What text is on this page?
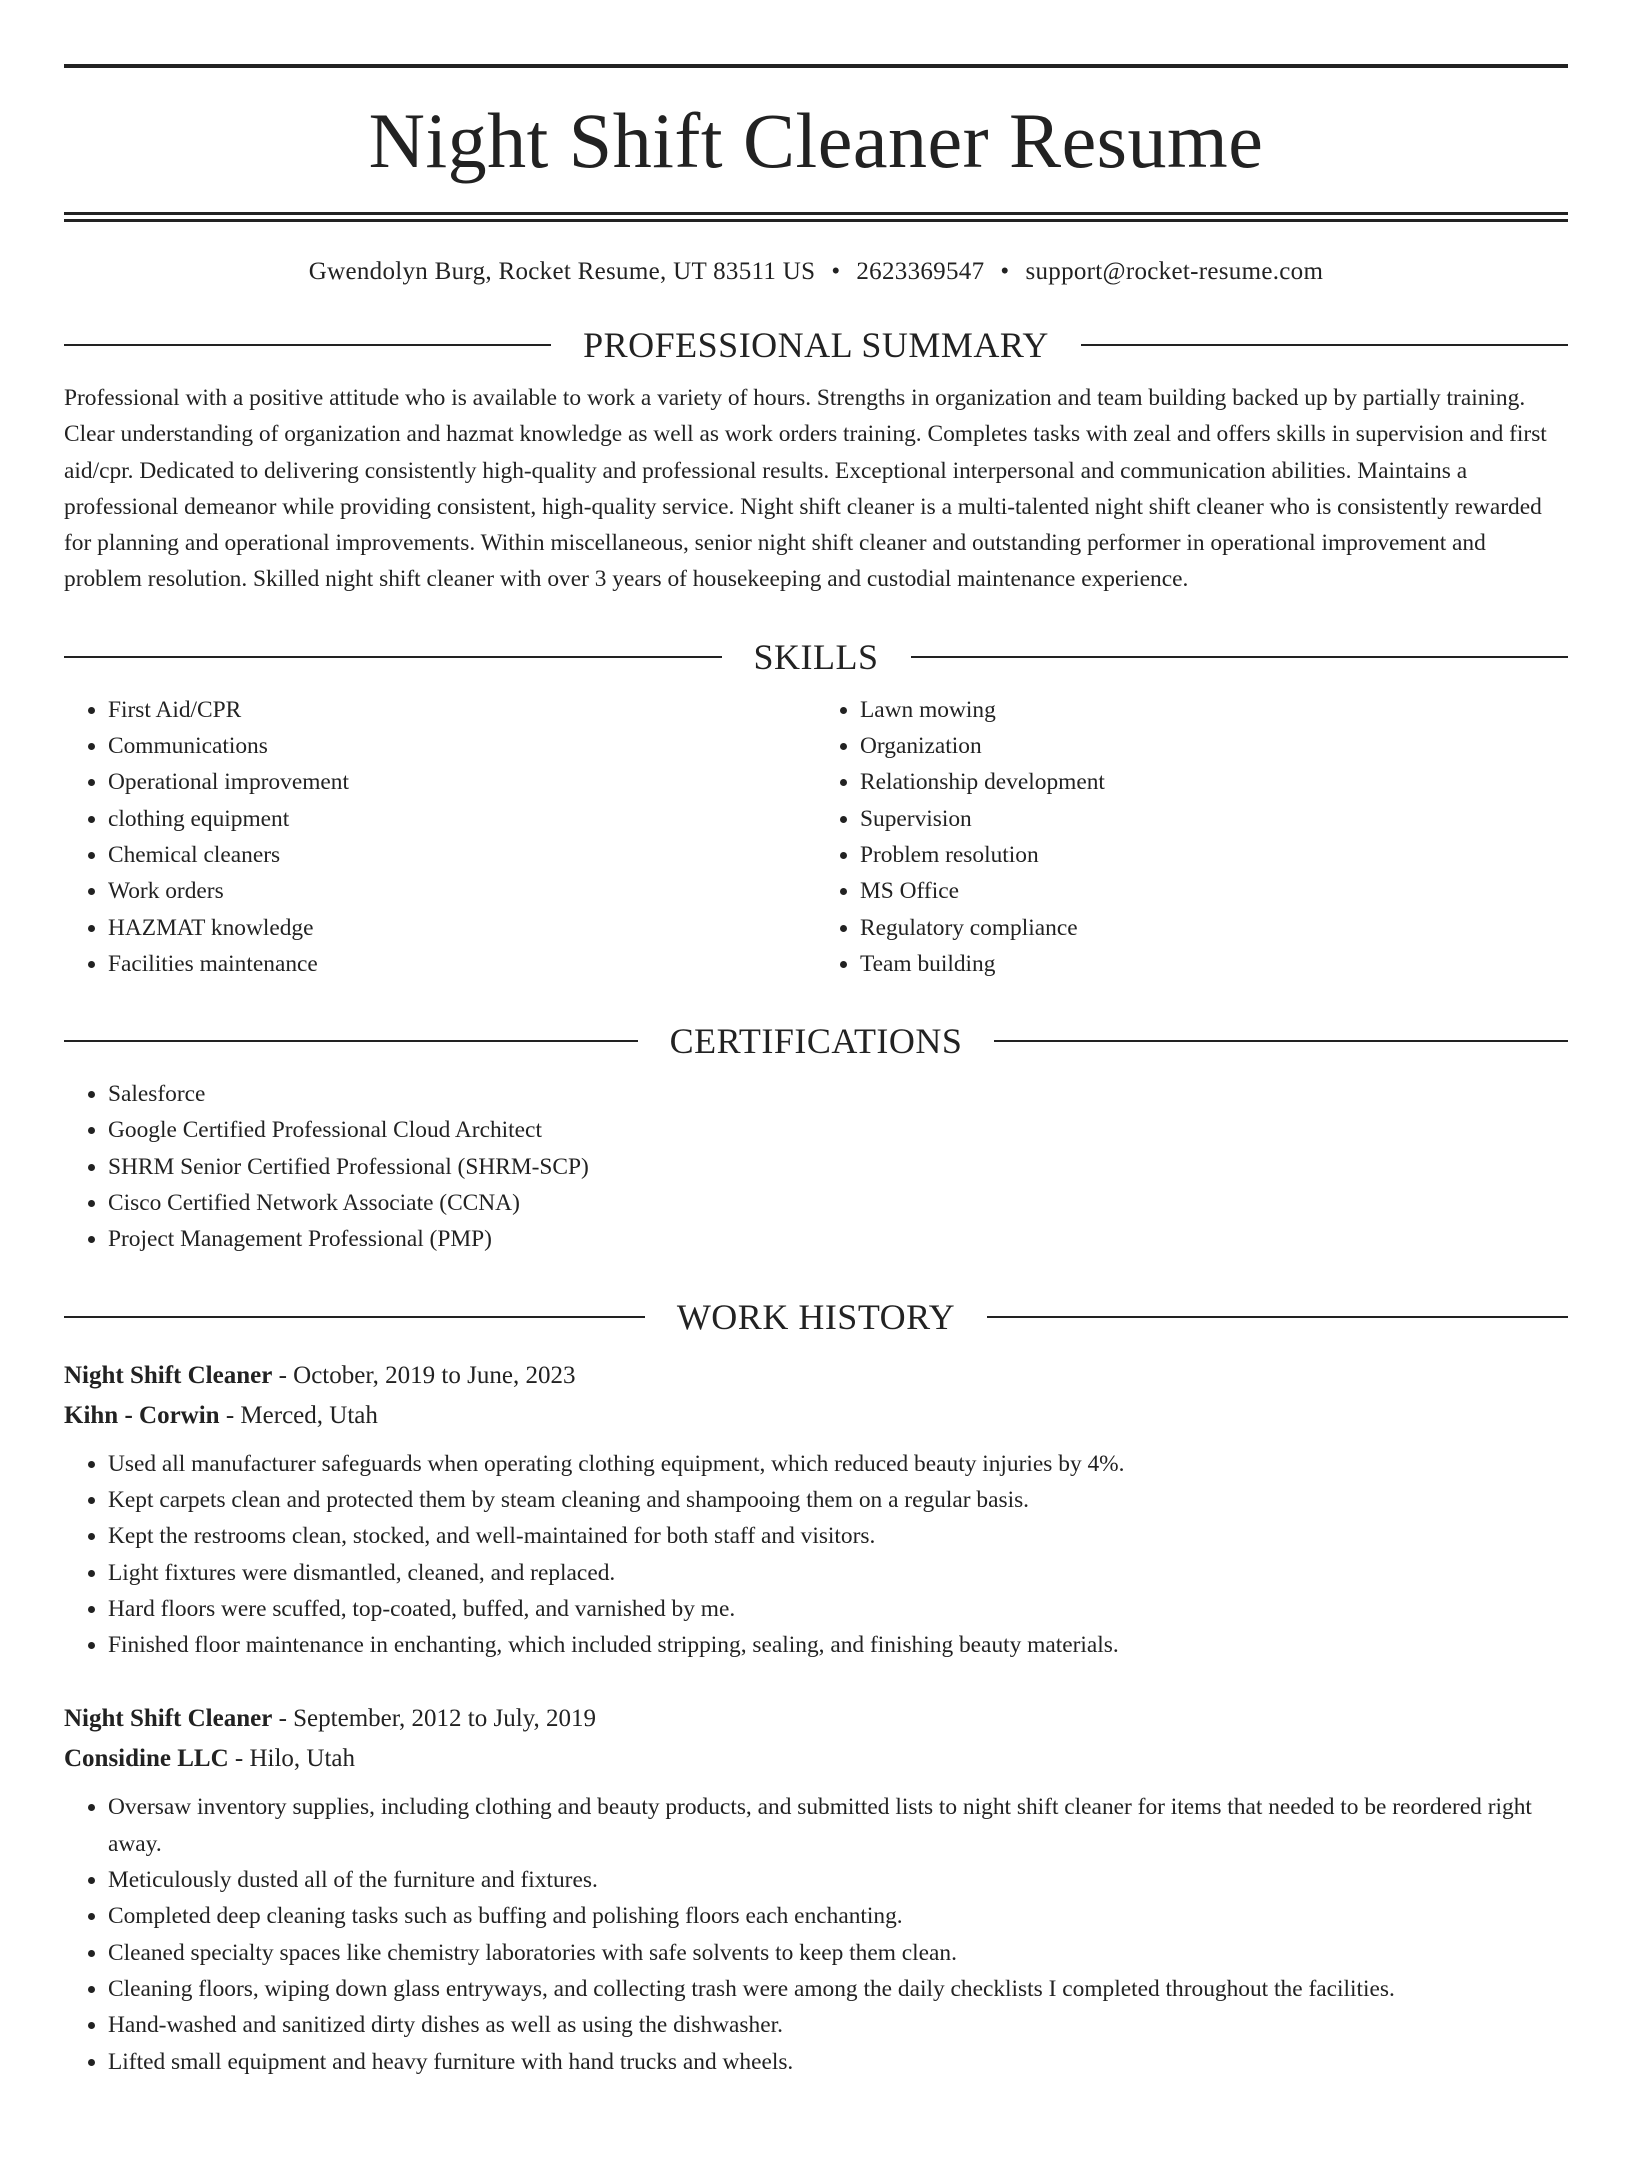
Night Shift Cleaner Resume
Gwendolyn Burg, Rocket Resume, UT 83511 US • 2623369547 • support@rocket-resume.com
PROFESSIONAL SUMMARY

Professional with a positive attitude who is available to work a variety of hours. Strengths in organization and team building backed up by partially training. Clear understanding of organization and hazmat knowledge as well as work orders training. Completes tasks with zeal and offers skills in supervision and first aid/cpr. Dedicated to delivering consistently high-quality and professional results. Exceptional interpersonal and communication abilities. Maintains a professional demeanor while providing consistent, high-quality service. Night shift cleaner is a multi-talented night shift cleaner who is consistently rewarded for planning and operational improvements. Within miscellaneous, senior night shift cleaner and outstanding performer in operational improvement and problem resolution. Skilled night shift cleaner with over 3 years of housekeeping and custodial maintenance experience.

SKILLS
• First Aid/CPR
• Communications
• Operational improvement
• clothing equipment
• Chemical cleaners
• Work orders
• HAZMAT knowledge
• Facilities maintenance
• Lawn mowing
• Organization
• Relationship development
• Supervision
• Problem resolution
• MS Office
• Regulatory compliance
• Team building
CERTIFICATIONS
• Salesforce
• Google Certified Professional Cloud Architect
• SHRM Senior Certified Professional (SHRM-SCP)
• Cisco Certified Network Associate (CCNA)
• Project Management Professional (PMP)
WORK HISTORY
Night Shift Cleaner - October, 2019 to June, 2023
Kihn - Corwin - Merced, Utah
• Used all manufacturer safeguards when operating clothing equipment, which reduced beauty injuries by 4%.
• Kept carpets clean and protected them by steam cleaning and shampooing them on a regular basis.
• Kept the restrooms clean, stocked, and well-maintained for both staff and visitors.
• Light fixtures were dismantled, cleaned, and replaced.
• Hard floors were scuffed, top-coated, buffed, and varnished by me.
• Finished floor maintenance in enchanting, which included stripping, sealing, and finishing beauty materials.
Night Shift Cleaner - September, 2012 to July, 2019
Considine LLC - Hilo, Utah
• Oversaw inventory supplies, including clothing and beauty products, and submitted lists to night shift cleaner for items that needed to be reordered right away.
• Meticulously dusted all of the furniture and fixtures.
• Completed deep cleaning tasks such as buffing and polishing floors each enchanting.
• Cleaned specialty spaces like chemistry laboratories with safe solvents to keep them clean.
• Cleaning floors, wiping down glass entryways, and collecting trash were among the daily checklists I completed throughout the facilities.
• Hand-washed and sanitized dirty dishes as well as using the dishwasher.
• Lifted small equipment and heavy furniture with hand trucks and wheels.
